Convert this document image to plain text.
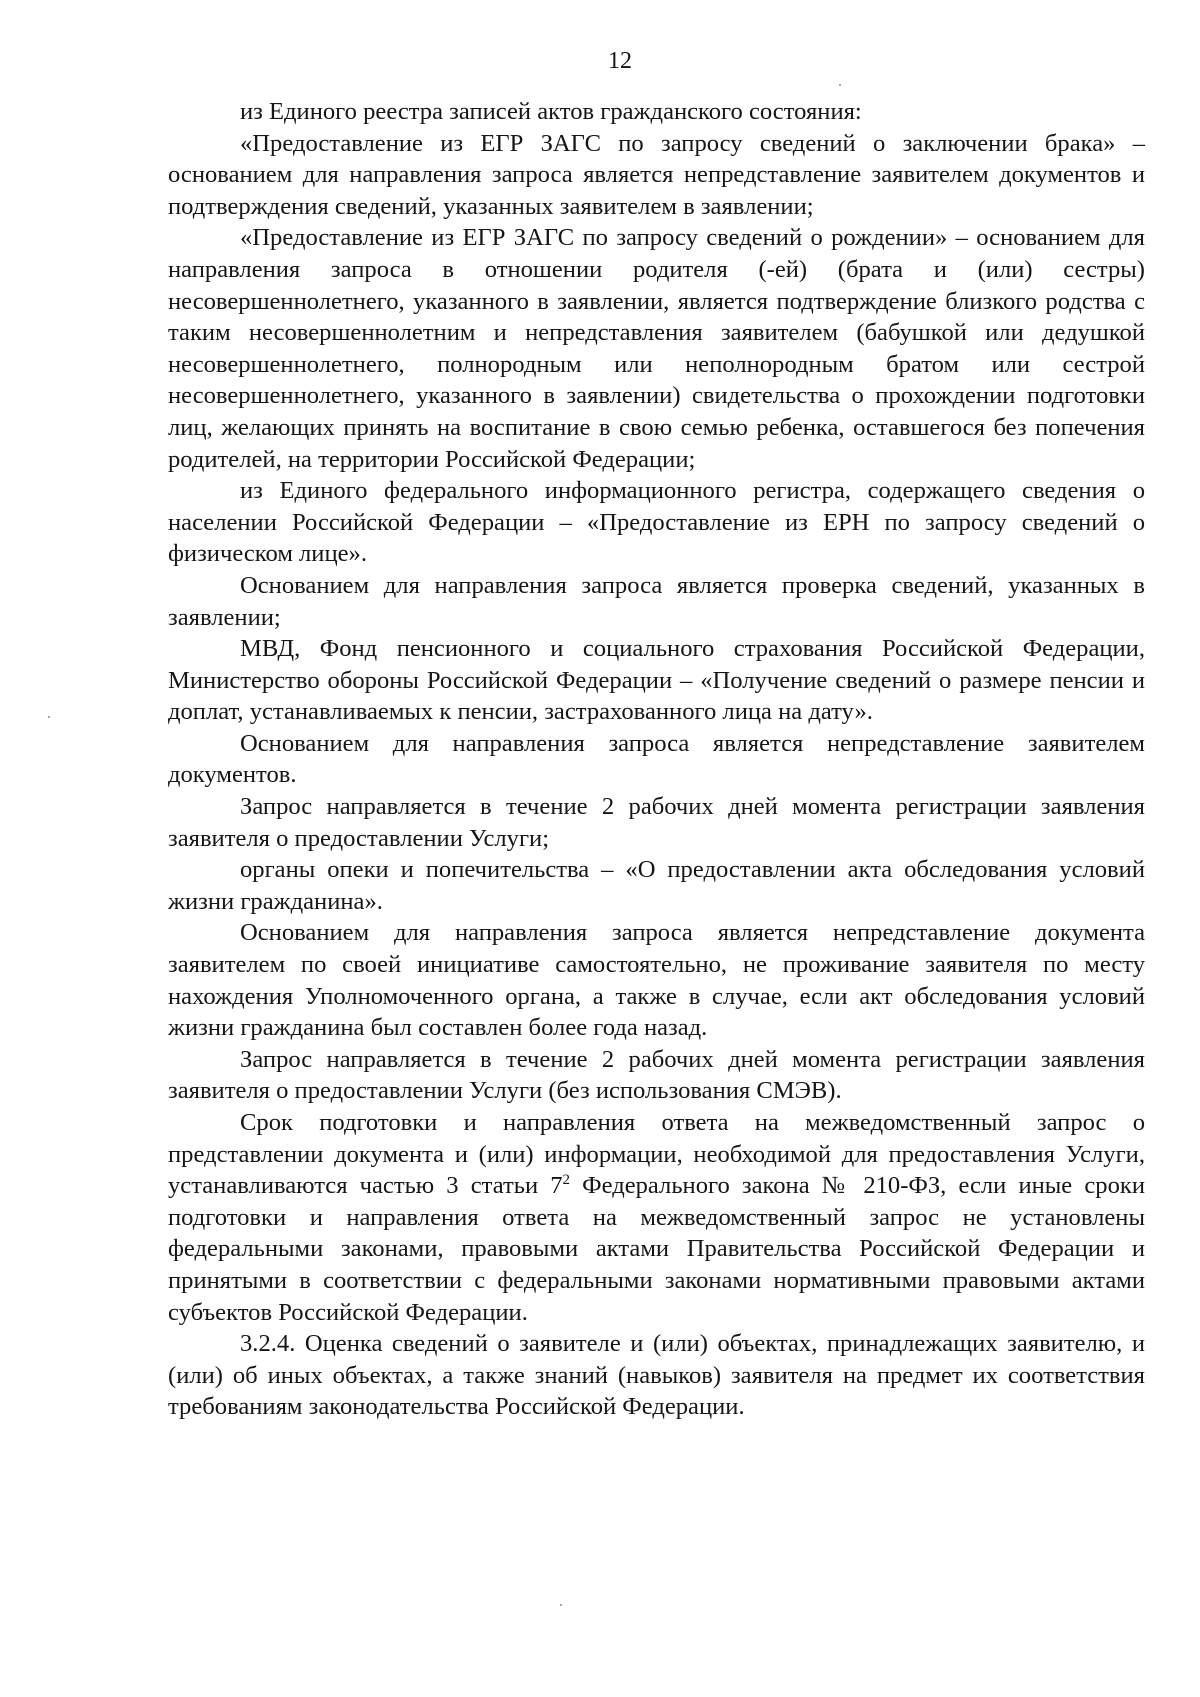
12

из Единого реестра записей актов гражданского состояния:

«Предоставление из ЕГР ЗАГС по запросу сведений о заключении брака» – основанием для направления запроса является непредставление заявителем документов и подтверждения сведений, указанных заявителем в заявлении;

«Предоставление из ЕГР ЗАГС по запросу сведений о рождении» – основанием для направления запроса в отношении родителя (-ей) (брата и (или) сестры) несовершеннолетнего, указанного в заявлении, является подтверждение близкого родства с таким несовершеннолетним и непредставления заявителем (бабушкой или дедушкой несовершеннолетнего, полнородным или неполнородным братом или сестрой несовершеннолетнего, указанного в заявлении) свидетельства о прохождении подготовки лиц, желающих принять на воспитание в свою семью ребенка, оставшегося без попечения родителей, на территории Российской Федерации;

из Единого федерального информационного регистра, содержащего сведения о населении Российской Федерации – «Предоставление из ЕРН по запросу сведений о физическом лице».

Основанием для направления запроса является проверка сведений, указанных в заявлении;

МВД, Фонд пенсионного и социального страхования Российской Федерации, Министерство обороны Российской Федерации – «Получение сведений о размере пенсии и доплат, устанавливаемых к пенсии, застрахованного лица на дату».

Основанием для направления запроса является непредставление заявителем документов.

Запрос направляется в течение 2 рабочих дней момента регистрации заявления заявителя о предоставлении Услуги;

органы опеки и попечительства – «О предоставлении акта обследования условий жизни гражданина».

Основанием для направления запроса является непредставление документа заявителем по своей инициативе самостоятельно, не проживание заявителя по месту нахождения Уполномоченного органа, а также в случае, если акт обследования условий жизни гражданина был составлен более года назад.

Запрос направляется в течение 2 рабочих дней момента регистрации заявления заявителя о предоставлении Услуги (без использования СМЭВ).

Срок подготовки и направления ответа на межведомственный запрос о представлении документа и (или) информации, необходимой для предоставления Услуги, устанавливаются частью 3 статьи $7^2$ Федерального закона № 210-ФЗ, если иные сроки подготовки и направления ответа на межведомственный запрос не установлены федеральными законами, правовыми актами Правительства Российской Федерации и принятыми в соответствии с федеральными законами нормативными правовыми актами субъектов Российской Федерации.

3.2.4. Оценка сведений о заявителе и (или) объектах, принадлежащих заявителю, и (или) об иных объектах, а также знаний (навыков) заявителя на предмет их соответствия требованиям законодательства Российской Федерации.
